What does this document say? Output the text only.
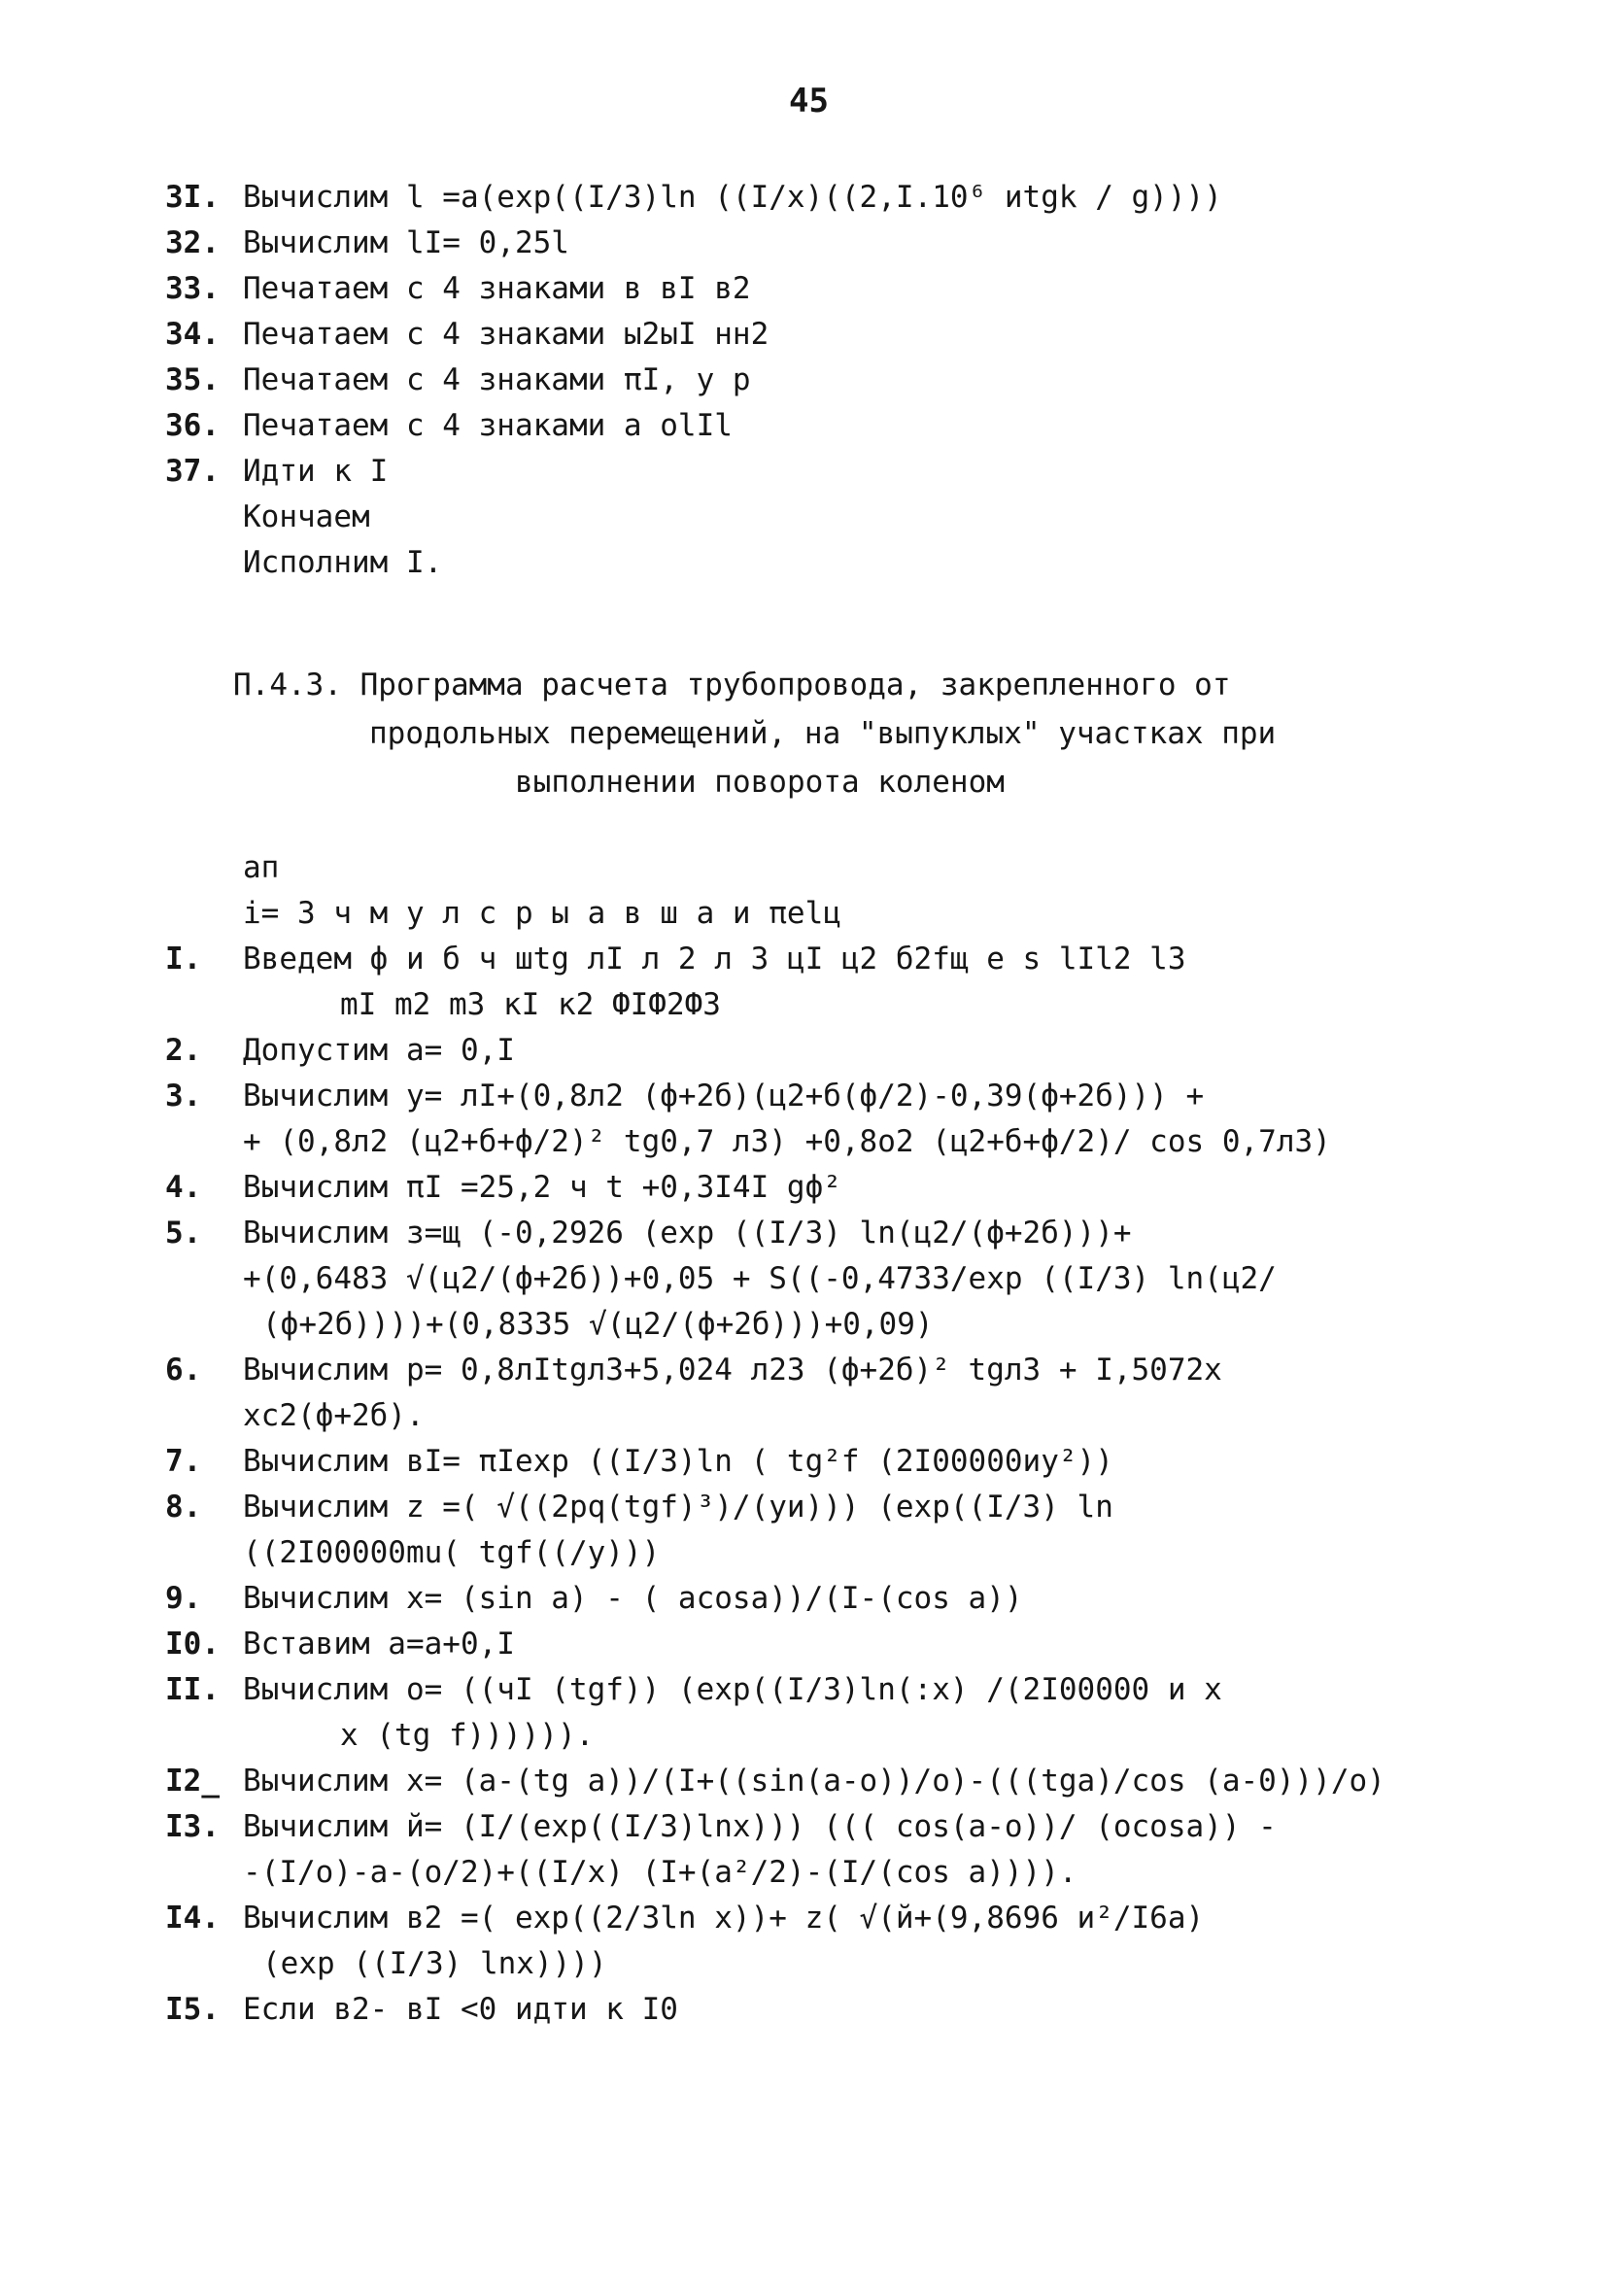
45
3I. Вычислим l =a(exp((I/3)ln ((I/x)((2,I.10⁶ иtgk / g))))
32. Вычислим lI= 0,25l
33. Печатаем с 4 знаками в вI в2
34. Печатаем с 4 знаками ы2ыI нн2
35. Печатаем с 4 знаками πI, у р
36. Печатаем с 4 знаками а оlIl
37. Идти к I
Кончаем
Исполним I.
П.4.3. Программа расчета трубопровода, закрепленного от
продольных перемещений, на "выпуклых" участках при
выполнении поворота коленом
ап
i= 3 ч м у л с р ы а в ш а и πelц
I. Введем ф и б ч шtg лI л 2 л 3 цI ц2 б2fщ e s lIl2 l3
mI m2 m3 кI к2 ФIФ2Ф3
2. Допустим а= 0,I
3. Вычислим у= лI+(0,8л2 (ф+2б)(ц2+б(ф/2)-0,39(ф+2б))) +
+ (0,8л2 (ц2+б+ф/2)² tg0,7 л3) +0,8о2 (ц2+б+ф/2)/ cos 0,7л3)
4. Вычислим πI =25,2 ч t +0,3I4I gф²
5. Вычислим з=щ (-0,2926 (exp ((I/3) ln(ц2/(ф+2б)))+
+(0,6483 √(ц2/(ф+2б))+0,05 + S((-0,4733/exp ((I/3) ln(ц2/
(ф+2б))))+(0,8335 √(ц2/(ф+2б)))+0,09)
6. Вычислим р= 0,8лItgл3+5,024 л23 (ф+2б)² tgл3 + I,5072х
хс2(ф+2б).
7. Вычислим вI= πIexp ((I/3)ln ( tg²f (2I00000иу²))
8. Вычислим z =( √((2pq(tgf)³)/(уи))) (exp((I/3) ln
((2I00000mu( tgf((/y)))
9. Вычислим х= (sin а) - ( аcosа))/(I-(cos а))
I0. Вставим а=а+0,I
II. Вычислим о= ((чI (tgf)) (exp((I/3)ln(:х) /(2I00000 и х
х (tg f)))))).
I2_ Вычислим х= (а-(tg а))/(I+((sin(а-о))/о)-(((tgа)/cos (а-0)))/о)
I3. Вычислим й= (I/(exp((I/3)lnх))) ((( cos(а-о))/ (оcosа)) -
-(I/о)-а-(о/2)+((I/х) (I+(а²/2)-(I/(cos а)))).
I4. Вычислим в2 =( exp((2/3ln х))+ z( √(й+(9,8696 и²/I6а)
(exp ((I/3) lnх))))
I5. Если в2- вI <0 идти к I0
